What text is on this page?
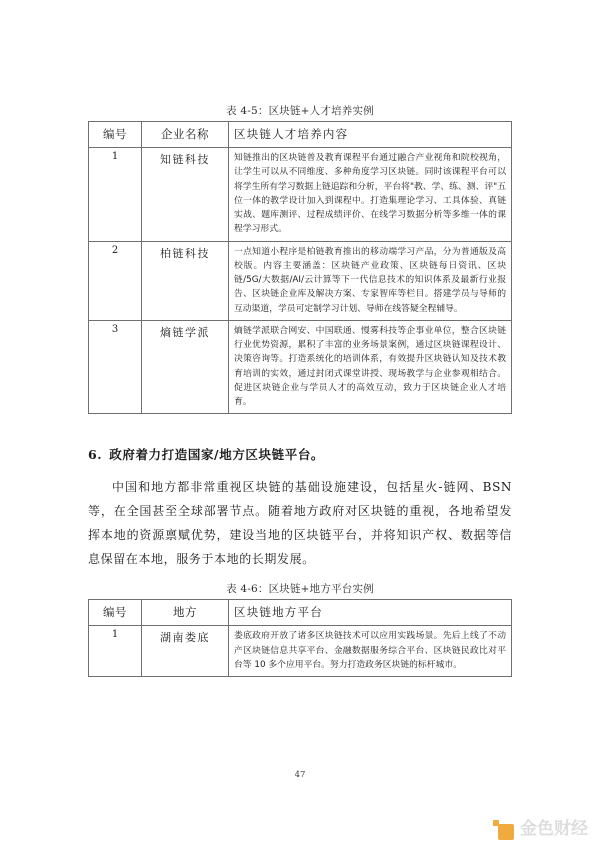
表 4-5：区块链+人才培养实例
编号	企业名称	区块链人才培养内容
1	知链科技	知链推出的区块链普及教育课程平台通过融合产业视角和院校视角，让学生可以从不同维度、多种角度学习区块链。同时该课程平台可以将学生所有学习数据上链追踪和分析，平台将"教、学、练、测、评"五位一体的教学设计加入到课程中。打造集理论学习、工具体验、真链实战、题库测评、过程成绩评价、在线学习数据分析等多维一体的课程学习形式。
2	柏链科技	一点知道小程序是柏链教育推出的移动端学习产品，分为普通版及高校版。内容主要涵盖：区块链产业政策、区块链每日资讯、区块链/5G/大数据/AI/云计算等下一代信息技术的知识体系及最新行业报告、区块链企业库及解决方案、专家智库等栏目。搭建学员与导师的互动渠道，学员可定制学习计划、导师在线答疑全程辅导。
3	熵链学派	熵链学派联合网安、中国联通、慢雾科技等企事业单位，整合区块链行业优势资源，累积了丰富的业务场景案例，通过区块链课程设计、决策咨询等。打造系统化的培训体系，有效提升区块链认知及技术教育培训的实效，通过封闭式课堂讲授、现场教学与企业参观相结合。促进区块链企业与学员人才的高效互动，致力于区块链企业人才培育。
6. 政府着力打造国家/地方区块链平台。

中国和地方都非常重视区块链的基础设施建设，包括星火-链网、BSN 等，在全国甚至全球部署节点。随着地方政府对区块链的重视，各地希望发挥本地的资源禀赋优势，建设当地的区块链平台，并将知识产权、数据等信息保留在本地，服务于本地的长期发展。

表 4-6：区块链+地方平台实例
编号	地方	区块链地方平台
1	湖南娄底	娄底政府开放了诸多区块链技术可以应用实践场景。先后上线了不动产区块链信息共享平台、金融数据服务综合平台、区块链民政比对平台等 10 多个应用平台。努力打造政务区块链的标杆城市。
47
金色财经
